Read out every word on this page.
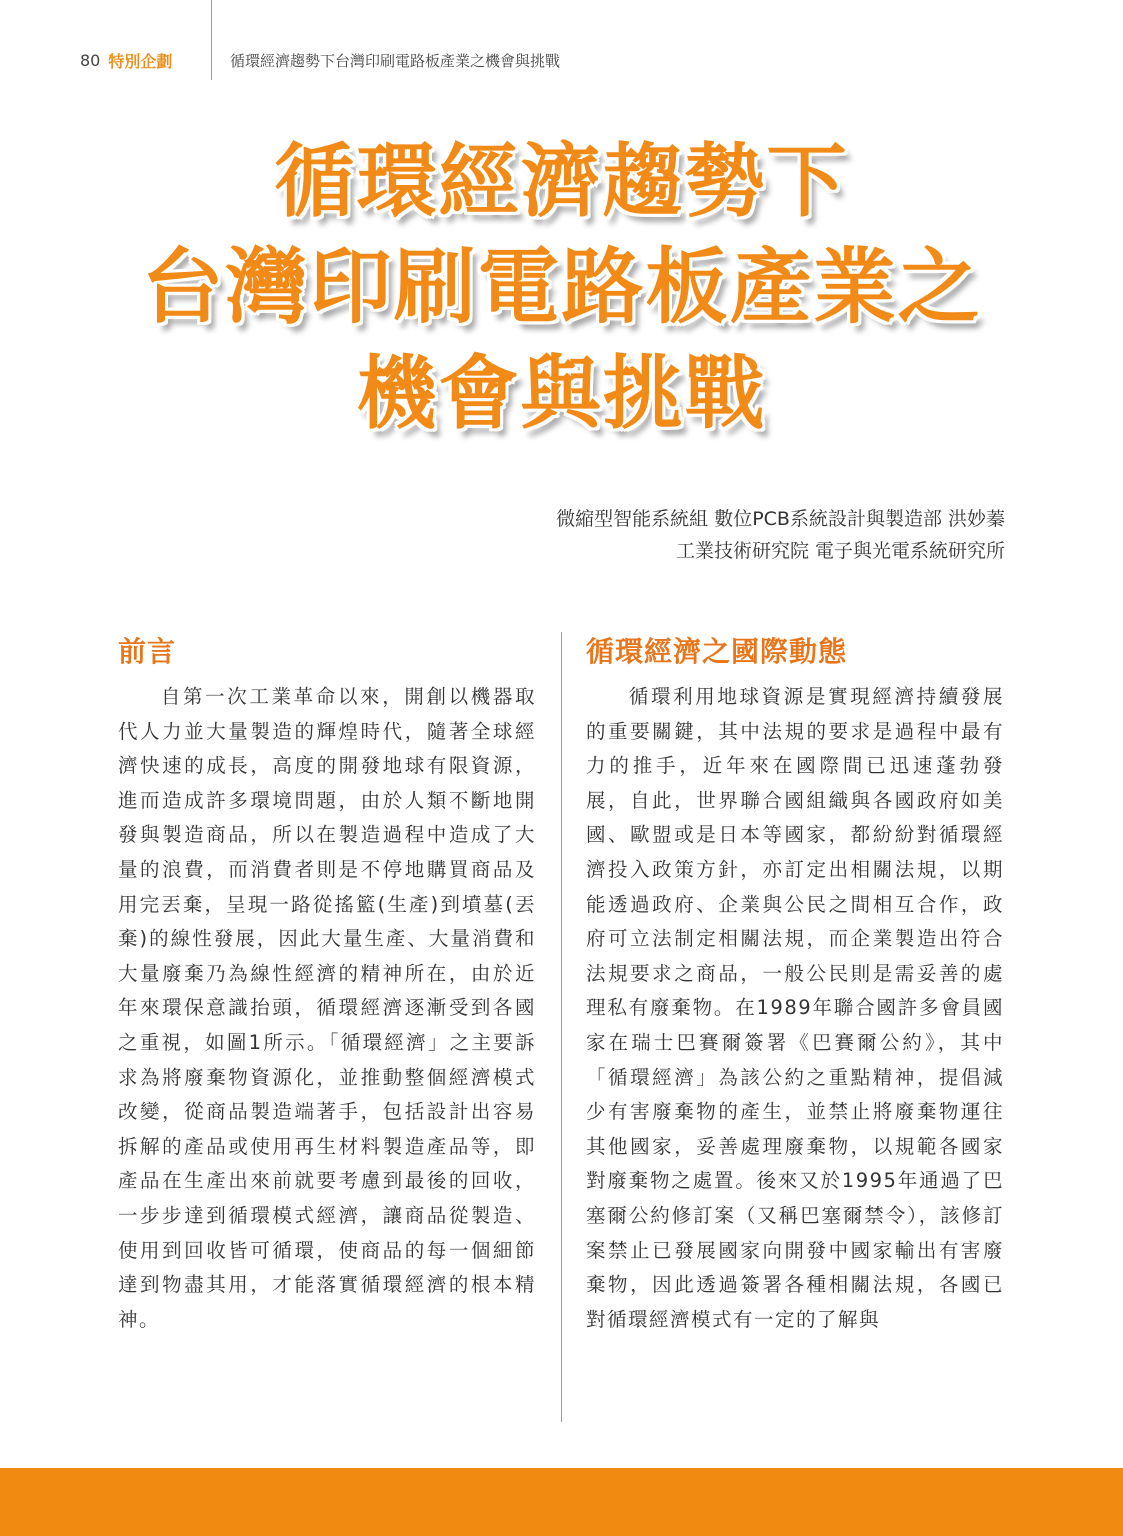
80 特別企劃	循環經濟趨勢下台灣印刷電路板產業之機會與挑戰
循環經濟趨勢下
台灣印刷電路板產業之
機會與挑戰
微縮型智能系統組 數位PCB系統設計與製造部 洪妙蓁
工業技術研究院 電子與光電系統研究所
前言

自第一次工業革命以來，開創以機器取代人力並大量製造的輝煌時代，隨著全球經濟快速的成長，高度的開發地球有限資源，進而造成許多環境問題，由於人類不斷地開發與製造商品，所以在製造過程中造成了大量的浪費，而消費者則是不停地購買商品及用完丟棄，呈現一路從搖籃(生產)到墳墓(丟棄)的線性發展，因此大量生產、大量消費和大量廢棄乃為線性經濟的精神所在，由於近年來環保意識抬頭，循環經濟逐漸受到各國之重視，如圖1所示。「循環經濟」之主要訴求為將廢棄物資源化，並推動整個經濟模式改變，從商品製造端著手，包括設計出容易拆解的產品或使用再生材料製造產品等，即產品在生產出來前就要考慮到最後的回收，一步步達到循環模式經濟，讓商品從製造、使用到回收皆可循環，使商品的每一個細節達到物盡其用，才能落實循環經濟的根本精神。

循環經濟之國際動態

循環利用地球資源是實現經濟持續發展的重要關鍵，其中法規的要求是過程中最有力的推手，近年來在國際間已迅速蓬勃發展，自此，世界聯合國組織與各國政府如美國、歐盟或是日本等國家，都紛紛對循環經濟投入政策方針，亦訂定出相關法規，以期能透過政府、企業與公民之間相互合作，政府可立法制定相關法規，而企業製造出符合法規要求之商品，一般公民則是需妥善的處理私有廢棄物。在1989年聯合國許多會員國家在瑞士巴賽爾簽署《巴賽爾公約》，其中「循環經濟」為該公約之重點精神，提倡減少有害廢棄物的產生，並禁止將廢棄物運往其他國家，妥善處理廢棄物，以規範各國家對廢棄物之處置。後來又於1995年通過了巴塞爾公約修訂案（又稱巴塞爾禁令），該修訂案禁止已發展國家向開發中國家輸出有害廢棄物，因此透過簽署各種相關法規，各國已對循環經濟模式有一定的了解與
